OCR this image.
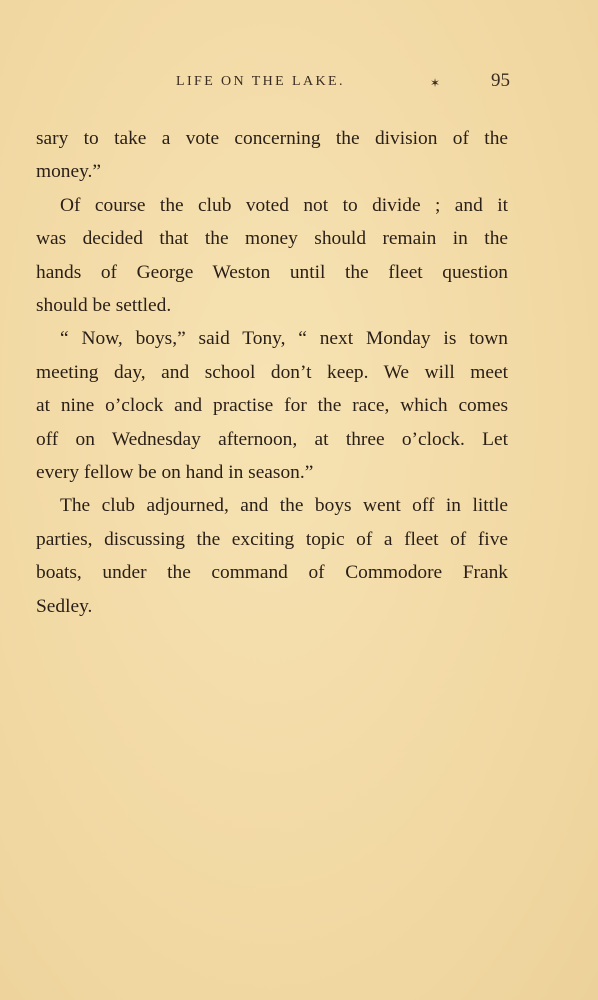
LIFE ON THE LAKE.	✶	95
sary to take a vote concerning the division of the
money.”
Of course the club voted not to divide ; and it
was decided that the money should remain in the
hands of George Weston until the fleet question
should be settled.
“ Now, boys,” said Tony, “ next Monday is town
meeting day, and school don’t keep. We will meet
at nine o’clock and practise for the race, which comes
off on Wednesday afternoon, at three o’clock. Let
every fellow be on hand in season.”
The club adjourned, and the boys went off in little
parties, discussing the exciting topic of a fleet of five
boats, under the command of Commodore Frank
Sedley.
